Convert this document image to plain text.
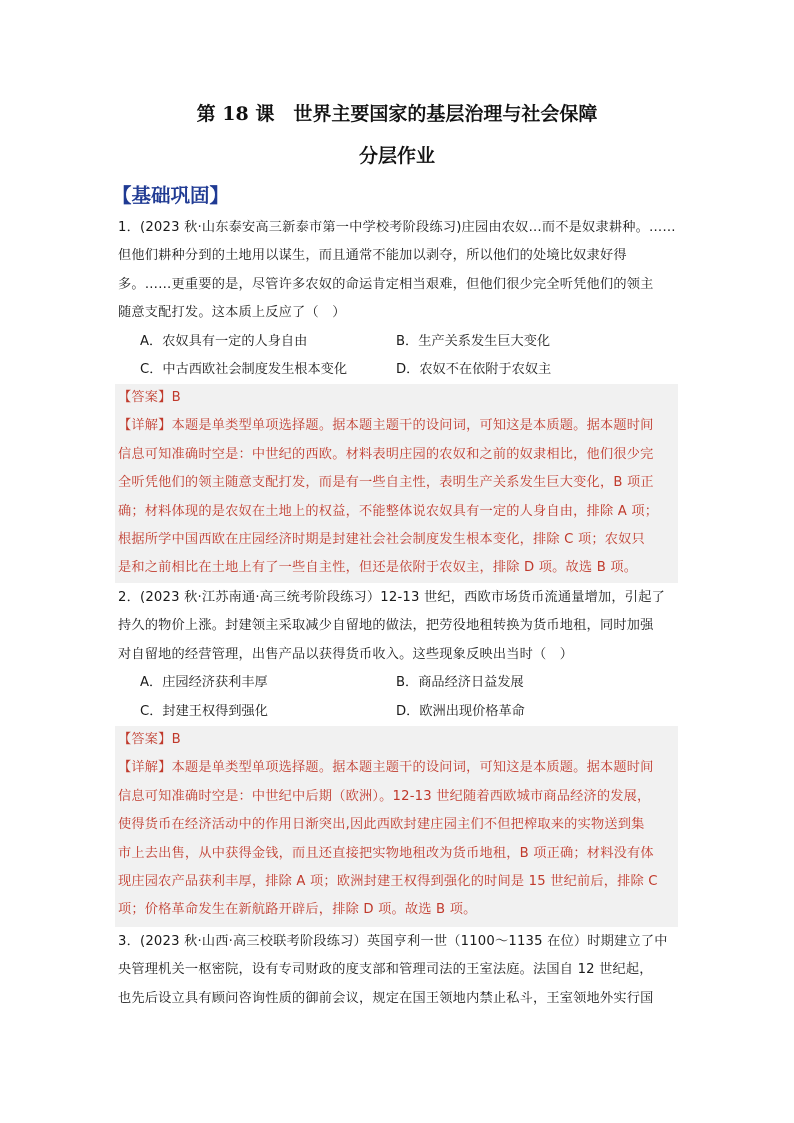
第 18 课　世界主要国家的基层治理与社会保障
分层作业
【基础巩固】
1．(2023 秋·山东泰安高三新泰市第一中学校考阶段练习)庄园由农奴…而不是奴隶耕种。……
但他们耕种分到的土地用以谋生，而且通常不能加以剥夺，所以他们的处境比奴隶好得
多。……更重要的是，尽管许多农奴的命运肯定相当艰难，但他们很少完全听凭他们的领主
随意支配打发。这本质上反应了（　）
A．农奴具有一定的人身自由	B．生产关系发生巨大变化
C．中古西欧社会制度发生根本变化	D．农奴不在依附于农奴主
【答案】B
【详解】本题是单类型单项选择题。据本题主题干的设问词，可知这是本质题。据本题时间
信息可知准确时空是：中世纪的西欧。材料表明庄园的农奴和之前的奴隶相比，他们很少完
全听凭他们的领主随意支配打发，而是有一些自主性，表明生产关系发生巨大变化，B 项正
确；材料体现的是农奴在土地上的权益，不能整体说农奴具有一定的人身自由，排除 A 项；
根据所学中国西欧在庄园经济时期是封建社会社会制度发生根本变化，排除 C 项；农奴只
是和之前相比在土地上有了一些自主性，但还是依附于农奴主，排除 D 项。故选 B 项。
2．(2023 秋·江苏南通·高三统考阶段练习）12-13 世纪，西欧市场货币流通量增加，引起了
持久的物价上涨。封建领主采取减少自留地的做法，把劳役地租转换为货币地租，同时加强
对自留地的经营管理，出售产品以获得货币收入。这些现象反映出当时（　）
A．庄园经济获利丰厚	B．商品经济日益发展
C．封建王权得到强化	D．欧洲出现价格革命
【答案】B
【详解】本题是单类型单项选择题。据本题主题干的设问词，可知这是本质题。据本题时间
信息可知准确时空是：中世纪中后期（欧洲）。12-13 世纪随着西欧城市商品经济的发展，
使得货币在经济活动中的作用日渐突出,因此西欧封建庄园主们不但把榨取来的实物送到集
市上去出售，从中获得金钱，而且还直接把实物地租改为货币地租，B 项正确；材料没有体
现庄园农产品获利丰厚，排除 A 项；欧洲封建王权得到强化的时间是 15 世纪前后，排除 C
项；价格革命发生在新航路开辟后，排除 D 项。故选 B 项。
3．(2023 秋·山西·高三校联考阶段练习）英国亨利一世（1100～1135 在位）时期建立了中
央管理机关一枢密院，设有专司财政的度支部和管理司法的王室法庭。法国自 12 世纪起，
也先后设立具有顾问咨询性质的御前会议，规定在国王领地内禁止私斗，王室领地外实行国
